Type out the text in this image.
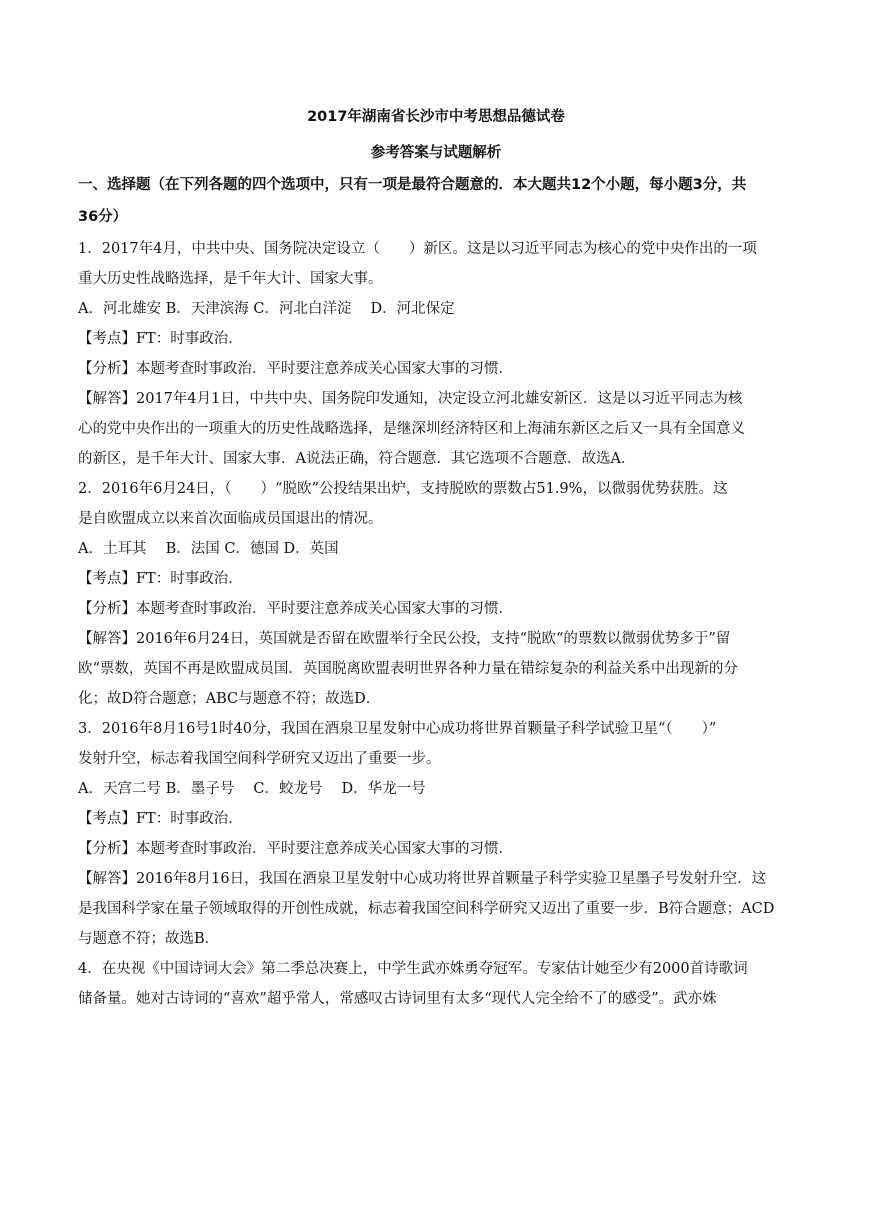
2017年湖南省长沙市中考思想品德试卷
参考答案与试题解析
一、选择题（在下列各题的四个选项中，只有一项是最符合题意的．本大题共12个小题，每小题3分，共
36分）
1．2017年4月，中共中央、国务院决定设立（　　）新区。这是以习近平同志为核心的党中央作出的一项
重大历史性战略选择，是千年大计、国家大事。
A．河北雄安 B．天津滨海 C．河北白洋淀　 D．河北保定
【考点】FT：时事政治．
【分析】本题考查时事政治．平时要注意养成关心国家大事的习惯．
【解答】2017年4月1日，中共中央、国务院印发通知，决定设立河北雄安新区．这是以习近平同志为核
心的党中央作出的一项重大的历史性战略选择，是继深圳经济特区和上海浦东新区之后又一具有全国意义
的新区，是千年大计、国家大事．A说法正确，符合题意．其它选项不合题意．故选A．
2．2016年6月24日，（　　）“脱欧”公投结果出炉，支持脱欧的票数占51.9%，以微弱优势获胜。这
是自欧盟成立以来首次面临成员国退出的情况。
A．土耳其　 B．法国 C．德国 D．英国
【考点】FT：时事政治．
【分析】本题考查时事政治．平时要注意养成关心国家大事的习惯．
【解答】2016年6月24日，英国就是否留在欧盟举行全民公投，支持“脱欧“的票数以微弱优势多于”留
欧“票数，英国不再是欧盟成员国．英国脱离欧盟表明世界各种力量在错综复杂的利益关系中出现新的分
化；故D符合题意；ABC与题意不符；故选D．
3．2016年8月16号1时40分，我国在酒泉卫星发射中心成功将世界首颗量子科学试验卫星“（　　）”
发射升空，标志着我国空间科学研究又迈出了重要一步。
A．天宫二号 B．墨子号　 C．蛟龙号　 D．华龙一号
【考点】FT：时事政治．
【分析】本题考查时事政治．平时要注意养成关心国家大事的习惯．
【解答】2016年8月16日，我国在酒泉卫星发射中心成功将世界首颗量子科学实验卫星墨子号发射升空．这
是我国科学家在量子领域取得的开创性成就，标志着我国空间科学研究又迈出了重要一步．B符合题意；ACD
与题意不符；故选B．
4．在央视《中国诗词大会》第二季总决赛上，中学生武亦姝勇夺冠军。专家估计她至少有2000首诗歌词
储备量。她对古诗词的“喜欢”超乎常人，常感叹古诗词里有太多“现代人完全给不了的感受”。武亦姝
